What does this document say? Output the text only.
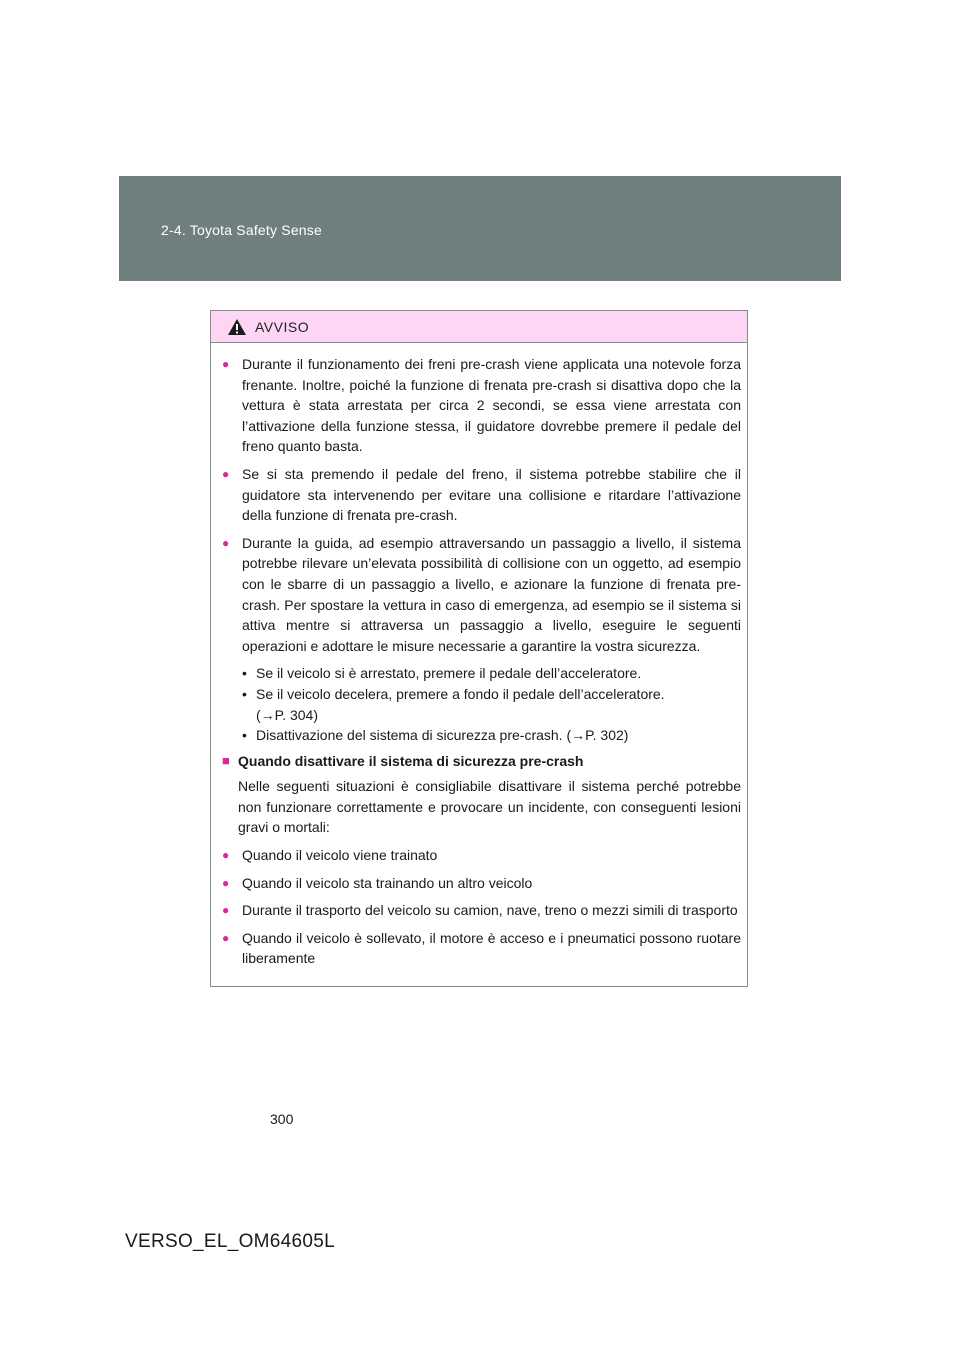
2-4. Toyota Safety Sense
AVVISO
● Durante il funzionamento dei freni pre-crash viene applicata una notevole forza frenante. Inoltre, poiché la funzione di frenata pre-crash si disattiva dopo che la vettura è stata arrestata per circa 2 secondi, se essa viene arrestata con l’attivazione della funzione stessa, il guidatore dovrebbe premere il pedale del freno quanto basta.
● Se si sta premendo il pedale del freno, il sistema potrebbe stabilire che il guidatore sta intervenendo per evitare una collisione e ritardare l’attivazione della funzione di frenata pre-crash.
● Durante la guida, ad esempio attraversando un passaggio a livello, il sistema potrebbe rilevare un’elevata possibilità di collisione con un oggetto, ad esempio con le sbarre di un passaggio a livello, e azionare la funzione di frenata pre-crash. Per spostare la vettura in caso di emergenza, ad esempio se il sistema si attiva mentre si attraversa un passaggio a livello, eseguire le seguenti operazioni e adottare le misure necessarie a garantire la vostra sicurezza.
• Se il veicolo si è arrestato, premere il pedale dell’acceleratore.
• Se il veicolo decelera, premere a fondo il pedale dell’acceleratore.
(→P. 304)
• Disattivazione del sistema di sicurezza pre-crash. (→P. 302)
■ Quando disattivare il sistema di sicurezza pre-crash
Nelle seguenti situazioni è consigliabile disattivare il sistema perché potrebbe non funzionare correttamente e provocare un incidente, con conseguenti lesioni gravi o mortali:
● Quando il veicolo viene trainato
● Quando il veicolo sta trainando un altro veicolo
● Durante il trasporto del veicolo su camion, nave, treno o mezzi simili di trasporto
● Quando il veicolo è sollevato, il motore è acceso e i pneumatici possono ruotare liberamente
300
VERSO_EL_OM64605L
